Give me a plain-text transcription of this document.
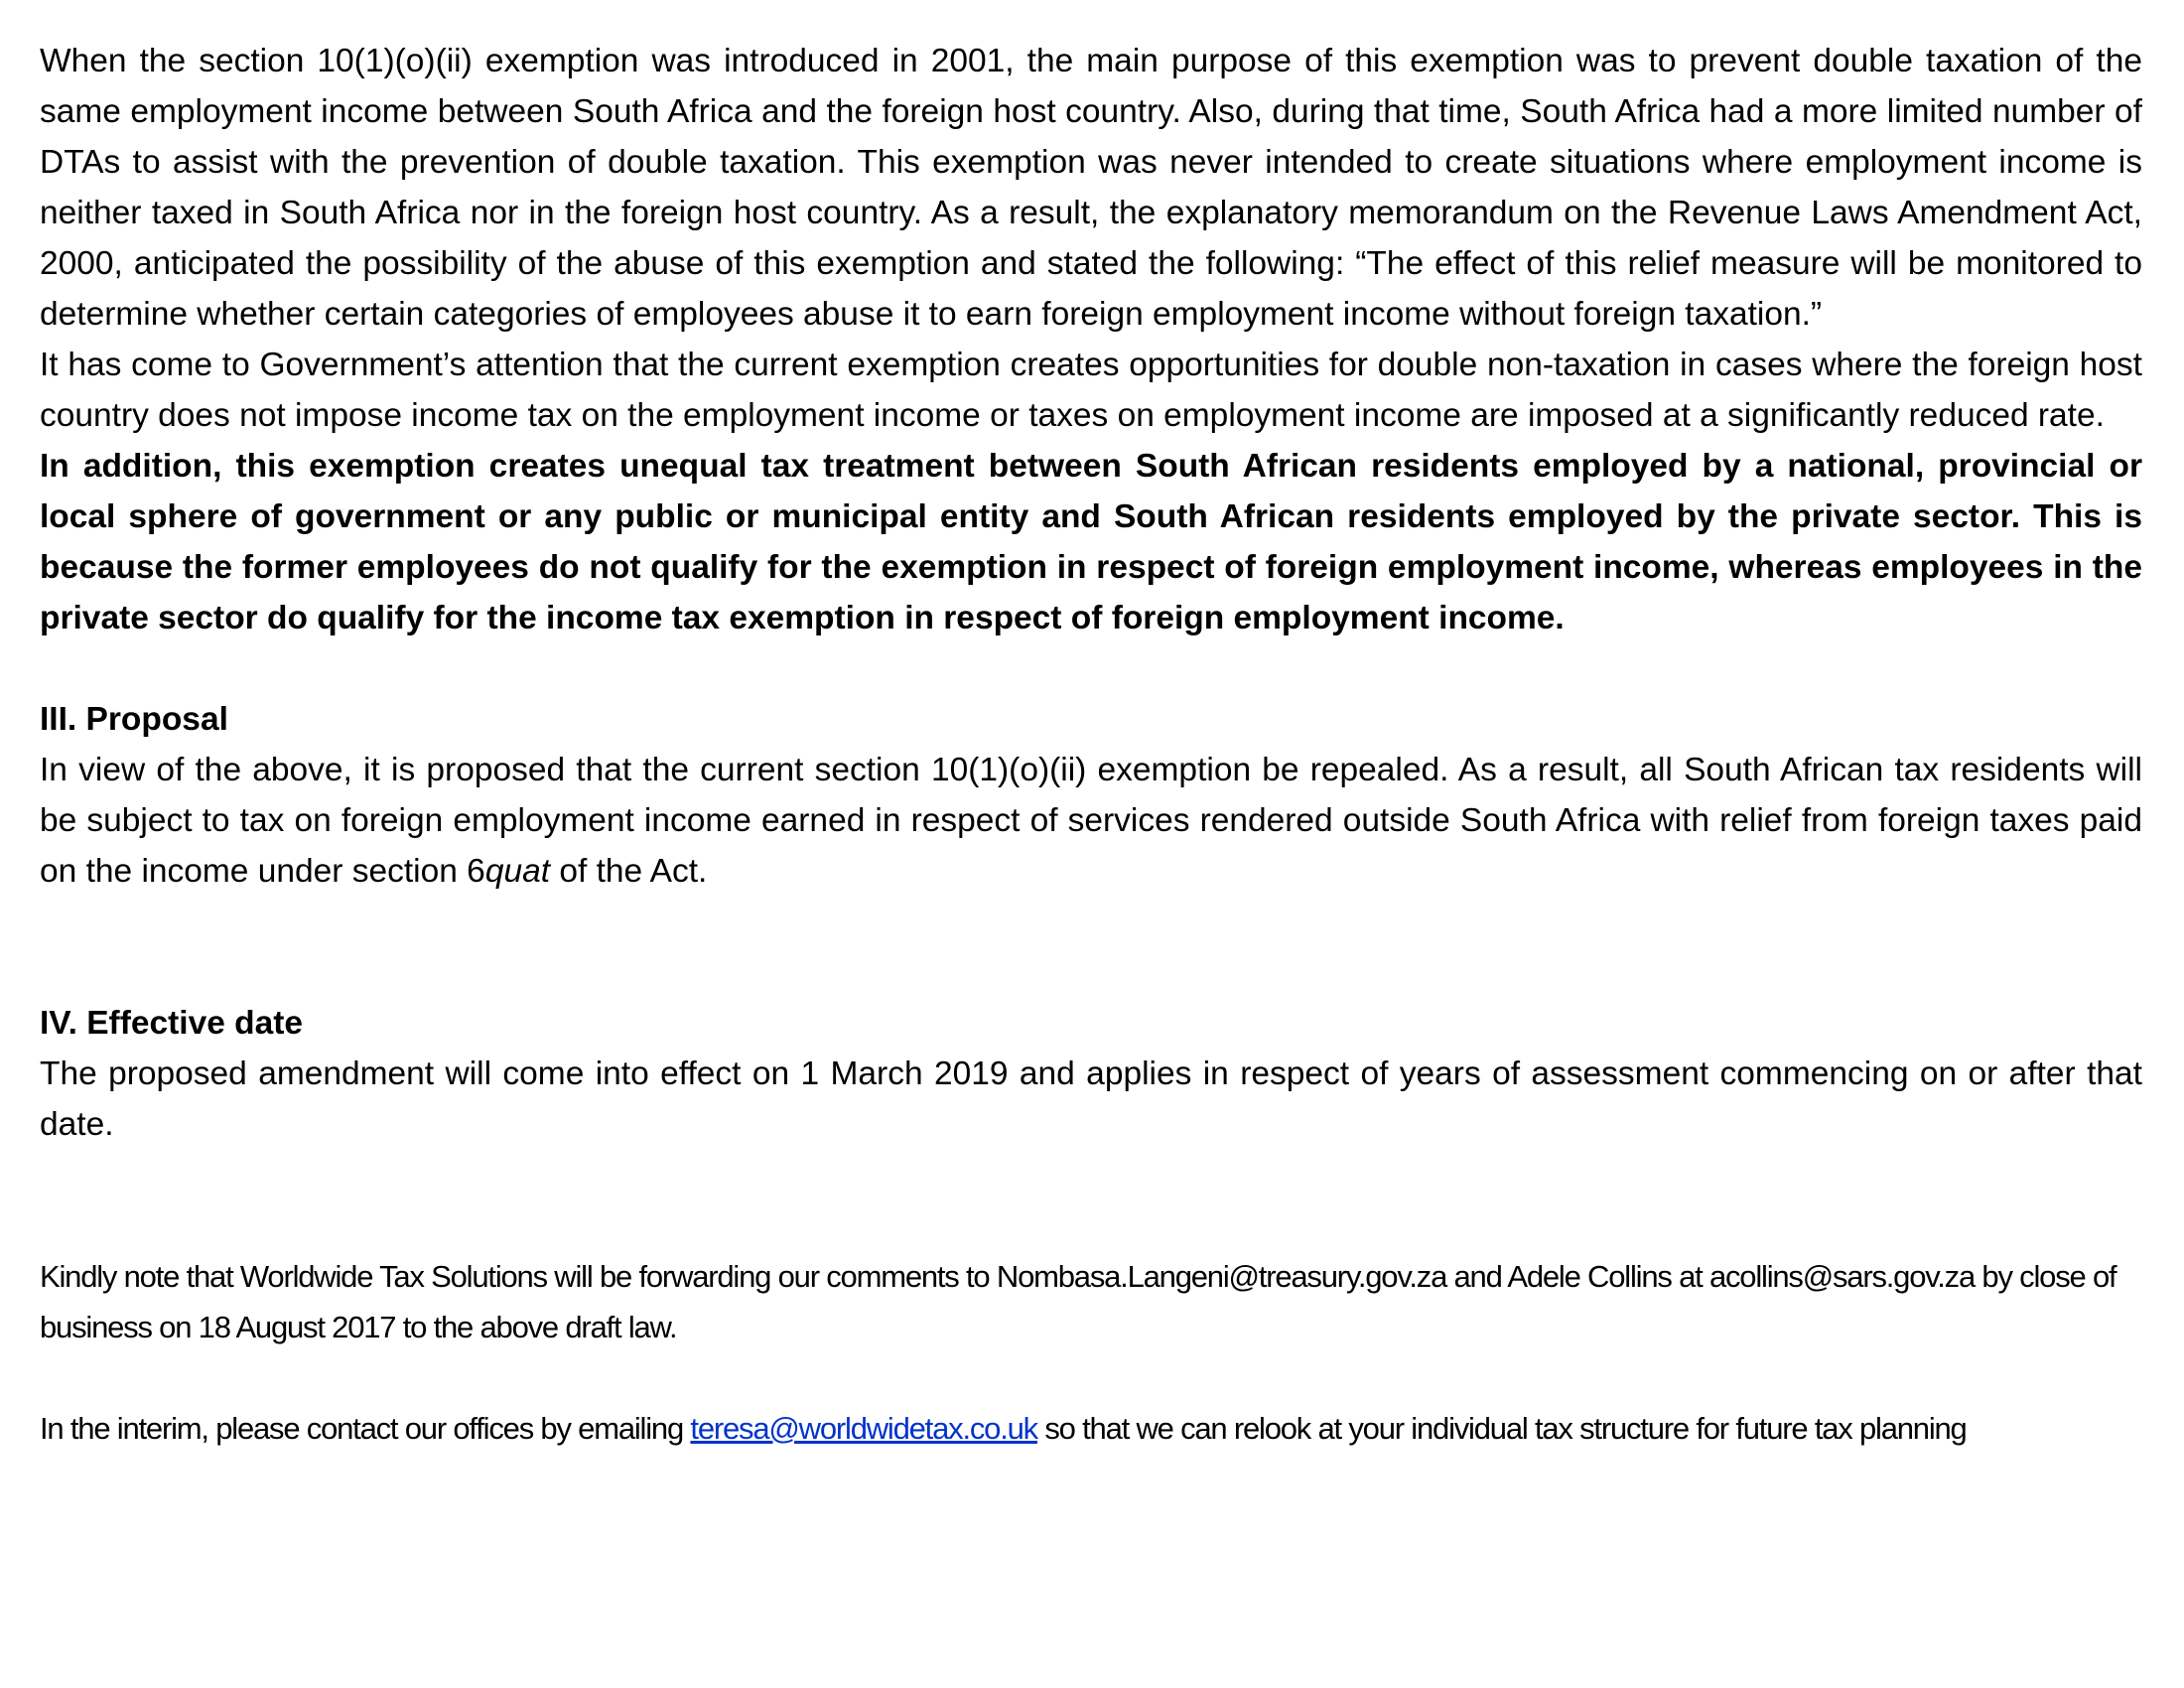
When the section 10(1)(o)(ii) exemption was introduced in 2001, the main purpose of this exemption was to prevent double taxation of the same employment income between South Africa and the foreign host country. Also, during that time, South Africa had a more limited number of DTAs to assist with the prevention of double taxation. This exemption was never intended to create situations where employment income is neither taxed in South Africa nor in the foreign host country. As a result, the explanatory memorandum on the Revenue Laws Amendment Act, 2000, anticipated the possibility of the abuse of this exemption and stated the following: “The effect of this relief measure will be monitored to determine whether certain categories of employees abuse it to earn foreign employment income without foreign taxation.”

It has come to Government’s attention that the current exemption creates opportunities for double non-taxation in cases where the foreign host country does not impose income tax on the employment income or taxes on employment income are imposed at a significantly reduced rate.

In addition, this exemption creates unequal tax treatment between South African residents employed by a national, provincial or local sphere of government or any public or municipal entity and South African residents employed by the private sector. This is because the former employees do not qualify for the exemption in respect of foreign employment income, whereas employees in the private sector do qualify for the income tax exemption in respect of foreign employment income.

III. Proposal

In view of the above, it is proposed that the current section 10(1)(o)(ii) exemption be repealed. As a result, all South African tax residents will be subject to tax on foreign employment income earned in respect of services rendered outside South Africa with relief from foreign taxes paid on the income under section 6quat of the Act.

IV. Effective date

The proposed amendment will come into effect on 1 March 2019 and applies in respect of years of assessment commencing on or after that date.

Kindly note that Worldwide Tax Solutions will be forwarding our comments to Nombasa.Langeni@treasury.gov.za and Adele Collins at acollins@sars.gov.za by close of business on 18 August 2017 to the above draft law.

In the interim, please contact our offices by emailing teresa@worldwidetax.co.uk so that we can relook at your individual tax structure for future tax planning
